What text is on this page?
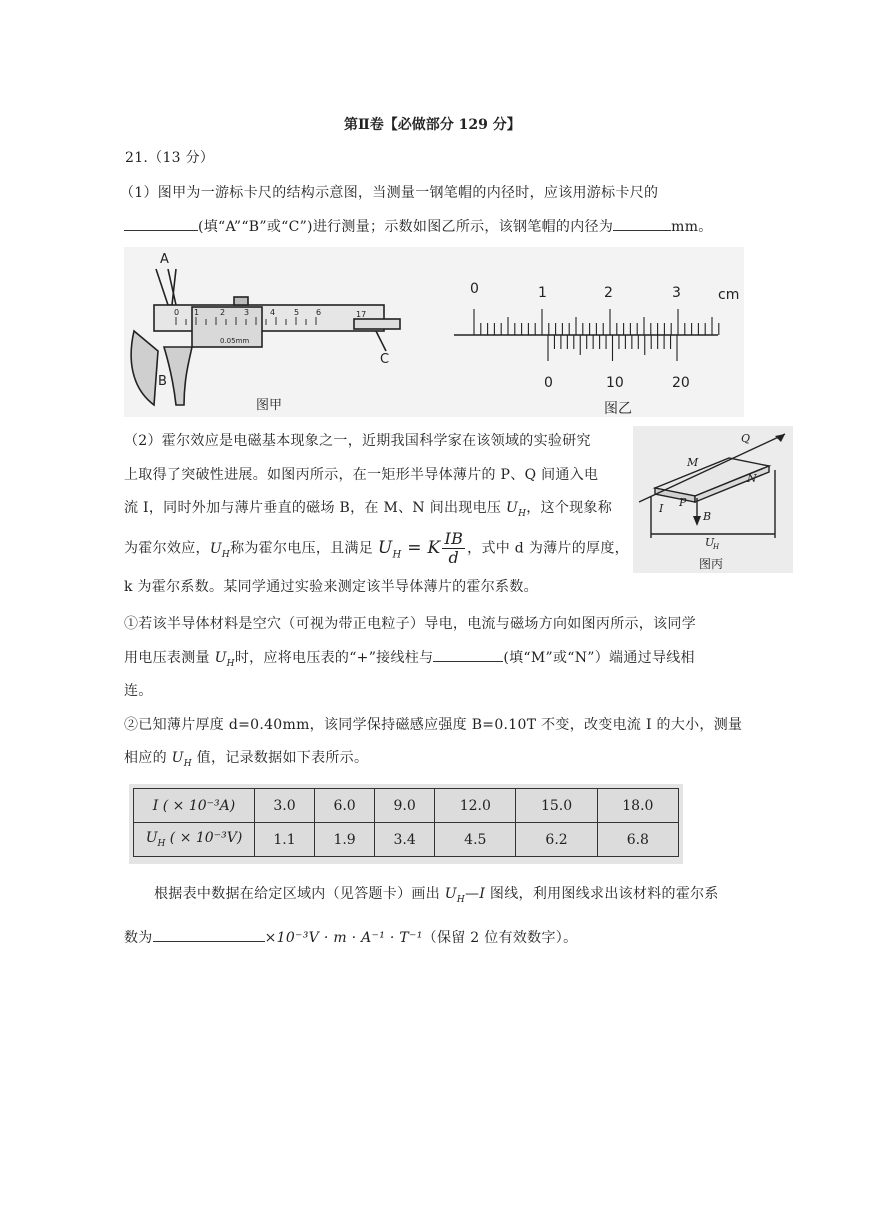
第Ⅱ卷【必做部分 129 分】
21.（13 分）
（1）图甲为一游标卡尺的结构示意图，当测量一钢笔帽的内径时，应该用游标卡尺的
(填“A”“B”或“C”)进行测量；示数如图乙所示，该钢笔帽的内径为	mm。
0 1	2 3	4 5 6	17
0.05mm
A
B
C
图甲
0	1	2	3	cm
0	10	20
图乙
（2）霍尔效应是电磁基本现象之一，近期我国科学家在该领域的实验研究
上取得了突破性进展。如图丙所示，在一矩形半导体薄片的 P、Q 间通入电
流 I，同时外加与薄片垂直的磁场 B，在 M、N 间出现电压 $U_H$，这个现象称
为霍尔效应，$U_H$称为霍尔电压，且满足 $U_H = K \frac{IB}{d}$ ，式中 d 为薄片的厚度，
k 为霍尔系数。某同学通过实验来测定该半导体薄片的霍尔系数。
Q
M
N
I P
B
U
H
图丙
①若该半导体材料是空穴（可视为带正电粒子）导电，电流与磁场方向如图丙所示，该同学
用电压表测量 $U_H$时，应将电压表的“+”接线柱与	(填“M”或“N”）端通过导线相
连。
②已知薄片厚度 d=0.40mm，该同学保持磁感应强度 B=0.10T 不变，改变电流 I 的大小，测量
相应的 $U_H$ 值，记录数据如下表所示。
I ( × 10⁻³A)	3.0	6.0	9.0	12.0	15.0	18.0
$U_H$ ( × 10⁻³V)	1.1	1.9	3.4	4.5	6.2	6.8
根据表中数据在给定区域内（见答题卡）画出 $U_H—I$ 图线，利用图线求出该材料的霍尔系
数为	×10⁻³V · m · A⁻¹ · T⁻¹（保留 2 位有效数字）。
